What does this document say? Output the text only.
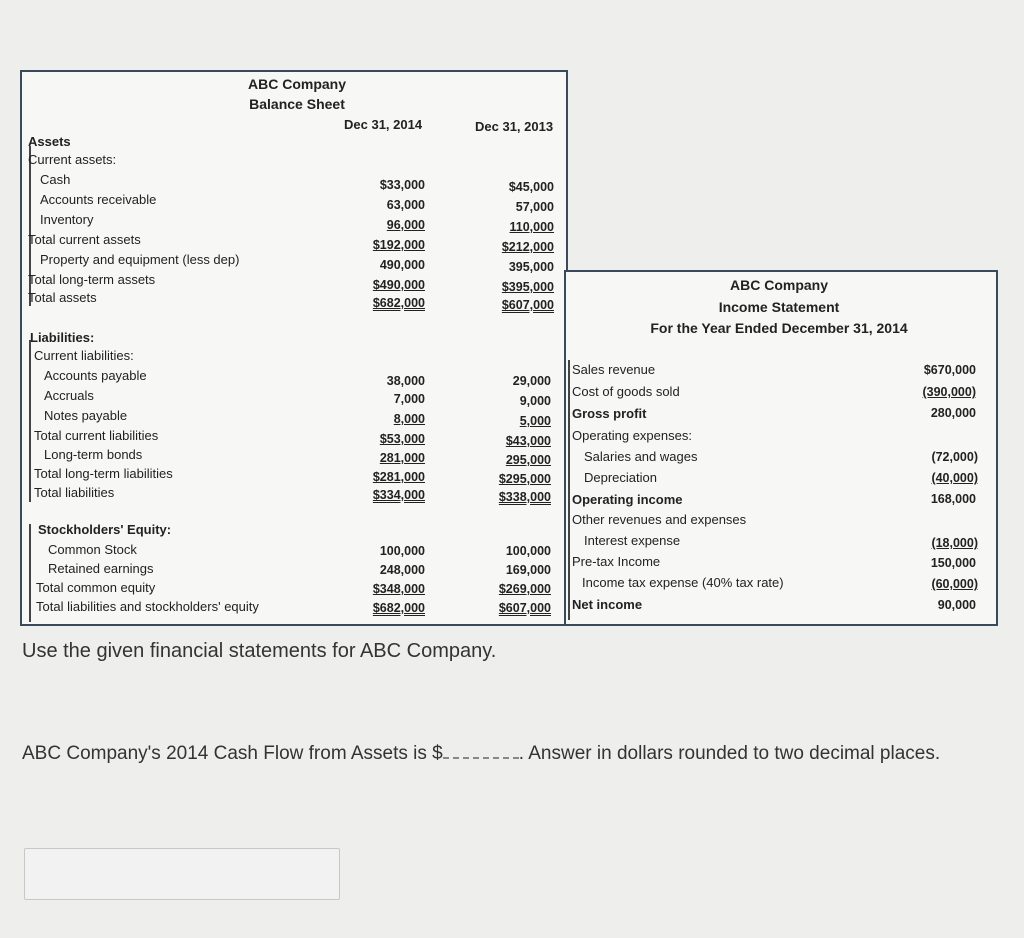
ABC Company
Balance Sheet
Dec 31, 2014	Dec 31, 2013
Assets
Current assets:
Cash	$33,000	$45,000
Accounts receivable	63,000	57,000
Inventory	96,000	110,000
Total current assets	$192,000	$212,000
Property and equipment (less dep)	490,000	395,000
Total long-term assets	$490,000	$395,000
Total assets	$682,000	$607,000
Liabilities:
Current liabilities:
Accounts payable	38,000	29,000
Accruals	7,000	9,000
Notes payable	8,000	5,000
Total current liabilities	$53,000	$43,000
Long-term bonds	281,000	295,000
Total long-term liabilities	$281,000	$295,000
Total liabilities	$334,000	$338,000
Stockholders' Equity:
Common Stock	100,000	100,000
Retained earnings	248,000	169,000
Total common equity	$348,000	$269,000
Total liabilities and stockholders' equity	$682,000	$607,000
ABC Company
Income Statement
For the Year Ended December 31, 2014
Sales revenue	$670,000
Cost of goods sold	(390,000)
Gross profit	280,000
Operating expenses:
Salaries and wages	(72,000)
Depreciation	(40,000)
Operating income	168,000
Other revenues and expenses
Interest expense	(18,000)
Pre-tax Income	150,000
Income tax expense (40% tax rate)	(60,000)
Net income	90,000
Use the given financial statements for ABC Company.
ABC Company's 2014 Cash Flow from Assets is $	. Answer in dollars rounded to two decimal places.
